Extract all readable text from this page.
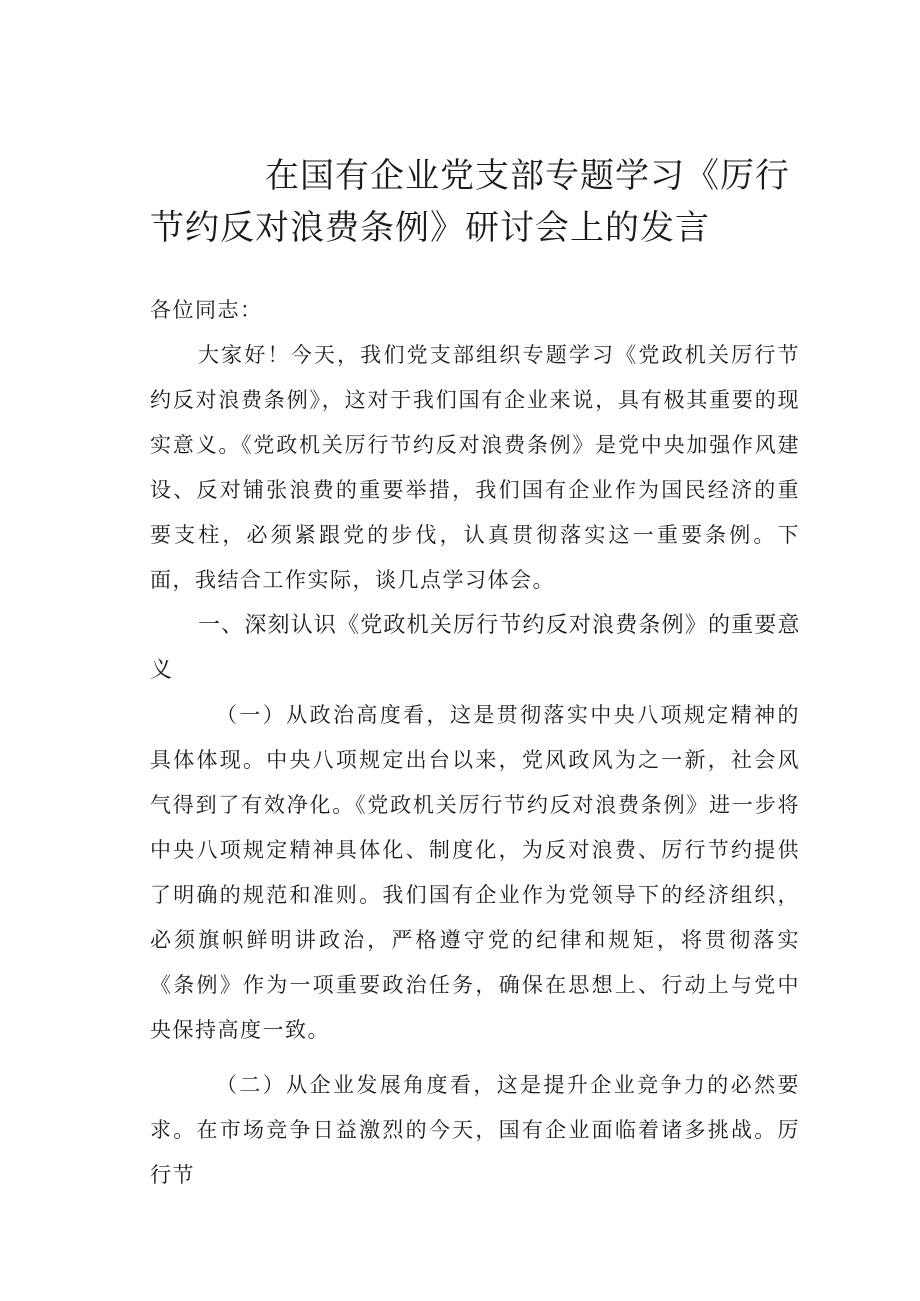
在国有企业党支部专题学习《厉行节约反对浪费条例》研讨会上的发言

各位同志：

大家好！今天，我们党支部组织专题学习《党政机关厉行节约反对浪费条例》，这对于我们国有企业来说，具有极其重要的现实意义。《党政机关厉行节约反对浪费条例》是党中央加强作风建设、反对铺张浪费的重要举措，我们国有企业作为国民经济的重要支柱，必须紧跟党的步伐，认真贯彻落实这一重要条例。下面，我结合工作实际，谈几点学习体会。

一、深刻认识《党政机关厉行节约反对浪费条例》的重要意义

（一）从政治高度看，这是贯彻落实中央八项规定精神的具体体现。中央八项规定出台以来，党风政风为之一新，社会风气得到了有效净化。《党政机关厉行节约反对浪费条例》进一步将中央八项规定精神具体化、制度化，为反对浪费、厉行节约提供了明确的规范和准则。我们国有企业作为党领导下的经济组织，必须旗帜鲜明讲政治，严格遵守党的纪律和规矩，将贯彻落实《条例》作为一项重要政治任务，确保在思想上、行动上与党中央保持高度一致。

（二）从企业发展角度看，这是提升企业竞争力的必然要求。在市场竞争日益激烈的今天，国有企业面临着诸多挑战。厉行节
